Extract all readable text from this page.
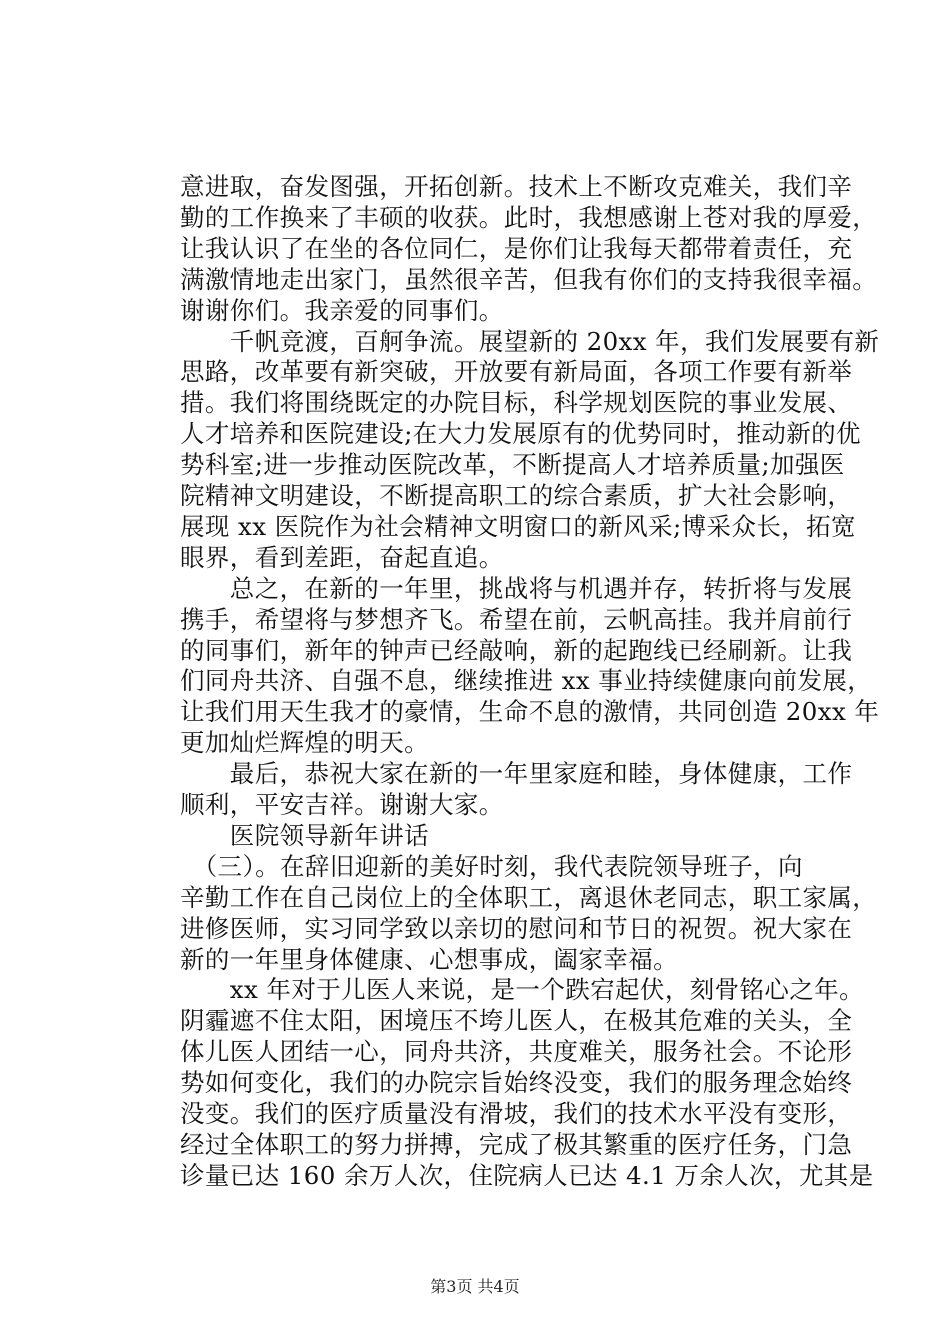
意进取，奋发图强，开拓创新。技术上不断攻克难关，我们辛
勤的工作换来了丰硕的收获。此时，我想感谢上苍对我的厚爱，
让我认识了在坐的各位同仁，是你们让我每天都带着责任，充
满激情地走出家门，虽然很辛苦，但我有你们的支持我很幸福。
谢谢你们。我亲爱的同事们。
　　千帆竞渡，百舸争流。展望新的 20xx 年，我们发展要有新
思路，改革要有新突破，开放要有新局面，各项工作要有新举
措。我们将围绕既定的办院目标，科学规划医院的事业发展、
人才培养和医院建设;在大力发展原有的优势同时，推动新的优
势科室;进一步推动医院改革，不断提高人才培养质量;加强医
院精神文明建设，不断提高职工的综合素质，扩大社会影响，
展现 xx 医院作为社会精神文明窗口的新风采;博采众长，拓宽
眼界，看到差距，奋起直追。
　　总之，在新的一年里，挑战将与机遇并存，转折将与发展
携手，希望将与梦想齐飞。希望在前，云帆高挂。我并肩前行
的同事们，新年的钟声已经敲响，新的起跑线已经刷新。让我
们同舟共济、自强不息，继续推进 xx 事业持续健康向前发展，
让我们用天生我才的豪情，生命不息的激情，共同创造 20xx 年
更加灿烂辉煌的明天。
　　最后，恭祝大家在新的一年里家庭和睦，身体健康，工作
顺利，平安吉祥。谢谢大家。
　　医院领导新年讲话
　（三）。在辞旧迎新的美好时刻，我代表院领导班子，向
辛勤工作在自己岗位上的全体职工，离退休老同志，职工家属，
进修医师，实习同学致以亲切的慰问和节日的祝贺。祝大家在
新的一年里身体健康、心想事成，阖家幸福。
　　xx 年对于儿医人来说，是一个跌宕起伏，刻骨铭心之年。
阴霾遮不住太阳，困境压不垮儿医人，在极其危难的关头，全
体儿医人团结一心，同舟共济，共度难关，服务社会。不论形
势如何变化，我们的办院宗旨始终没变，我们的服务理念始终
没变。我们的医疗质量没有滑坡，我们的技术水平没有变形，
经过全体职工的努力拼搏，完成了极其繁重的医疗任务，门急
诊量已达 160 余万人次，住院病人已达 4.1 万余人次，尤其是
第3页 共4页
